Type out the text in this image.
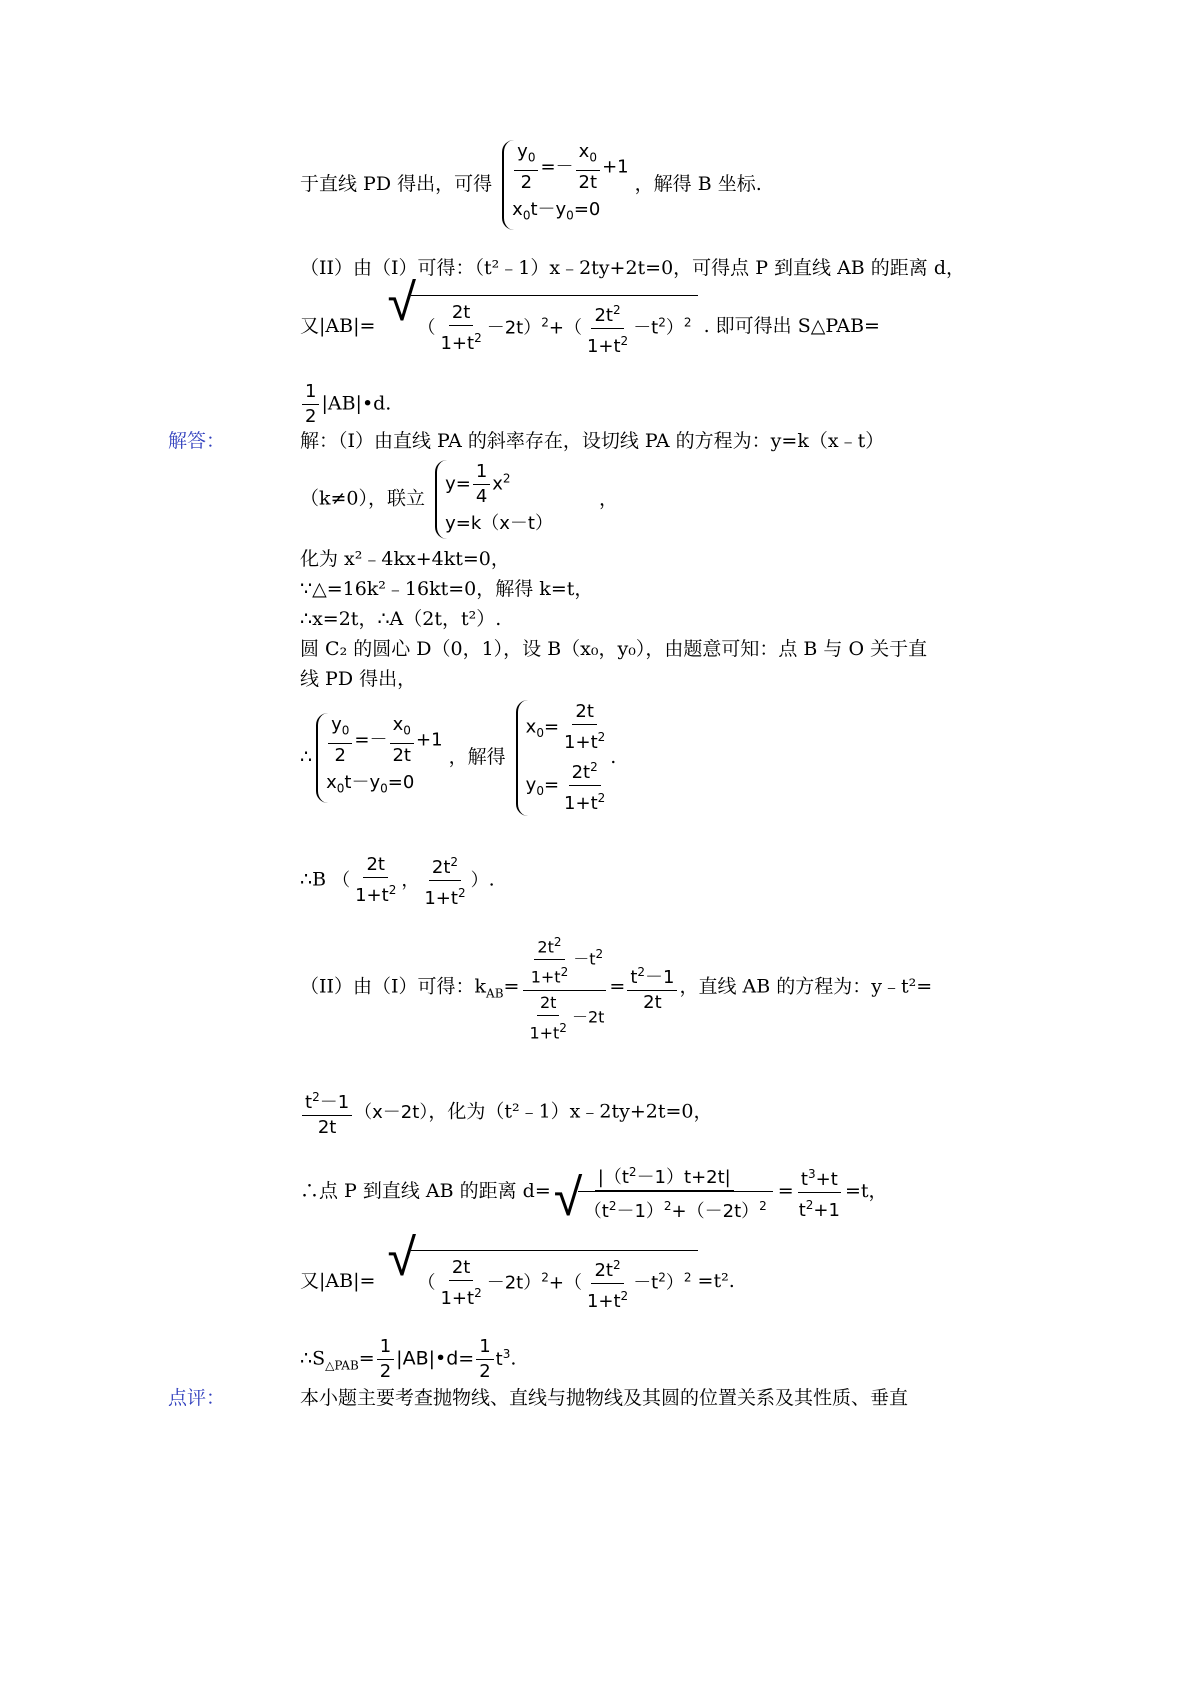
于直线 PD 得出，可得 $\frac{y_0}{2} =- \frac{x_0}{2t} +1$
$x_0t-y_0=0$
，解得 B 坐标.
（II）由（I）可得：（t²﹣1）x﹣2ty+2t=0，可得点 P 到直线 AB 的距离 d，
又|AB|= √ （ $\frac{2t}{1+t^2} -2t)^2+( \frac{2t^2}{1+t^2} -t^2)^2$ . 即可得出 S△PAB=
$\frac{1}{2}$ |AB|•d.
解答：	解：（I）由直线 PA 的斜率存在，设切线 PA 的方程为：y=k（x﹣t）
（k≠0），联立
$y= \frac{1}{4} x^2$
y=k（x－t）
，
化为 x²﹣4kx+4kt=0，
∵△=16k²﹣16kt=0，解得 k=t，
∴x=2t，∴A（2t，t²）.
圆 C₂ 的圆心 D（0，1），设 B（x₀，y₀），由题意可知：点 B 与 O 关于直
线 PD 得出，
∴ $\frac{y_0}{2} =- \frac{x_0}{2t} +1$
$x_0t-y_0=0$
，解得
$x_0= \frac{2t}{1+t^2}$
$y_0= \frac{2t^2}{1+t^2}$ .
∴B （ $\frac{2t}{1+t^2}$ ， $\frac{2t^2}{1+t^2}$ ）.
（II）由（I）可得：$k_{AB}= \frac{\frac{2t^2}{1+t^2} -t^2}{\frac{2t}{1+t^2} -2t} = \frac{t^2-1}{2t}$ ，直线 AB 的方程为：y﹣t²=
$\frac{t^2-1}{2t} (x-2t)$，化为（t²﹣1）x﹣2ty+2t=0，
∴点 P 到直线 AB 的距离 $d= |(t^2-1)t+2t|$
√ $(t^2-1)^2+(-2t)^2 = \frac{t^3+t}{t^2+1} =t$，
又|AB|= √ （ $\frac{2t}{1+t^2} -2t)^2+( \frac{2t^2}{1+t^2} -t^2)^2 =t^2$.
$\therefore S_{\triangle PAB}= \frac{1}{2}$ |AB|•d= $\frac{1}{2} t^3$.
点评：	本小题主要考查抛物线、直线与抛物线及其圆的位置关系及其性质、垂直
